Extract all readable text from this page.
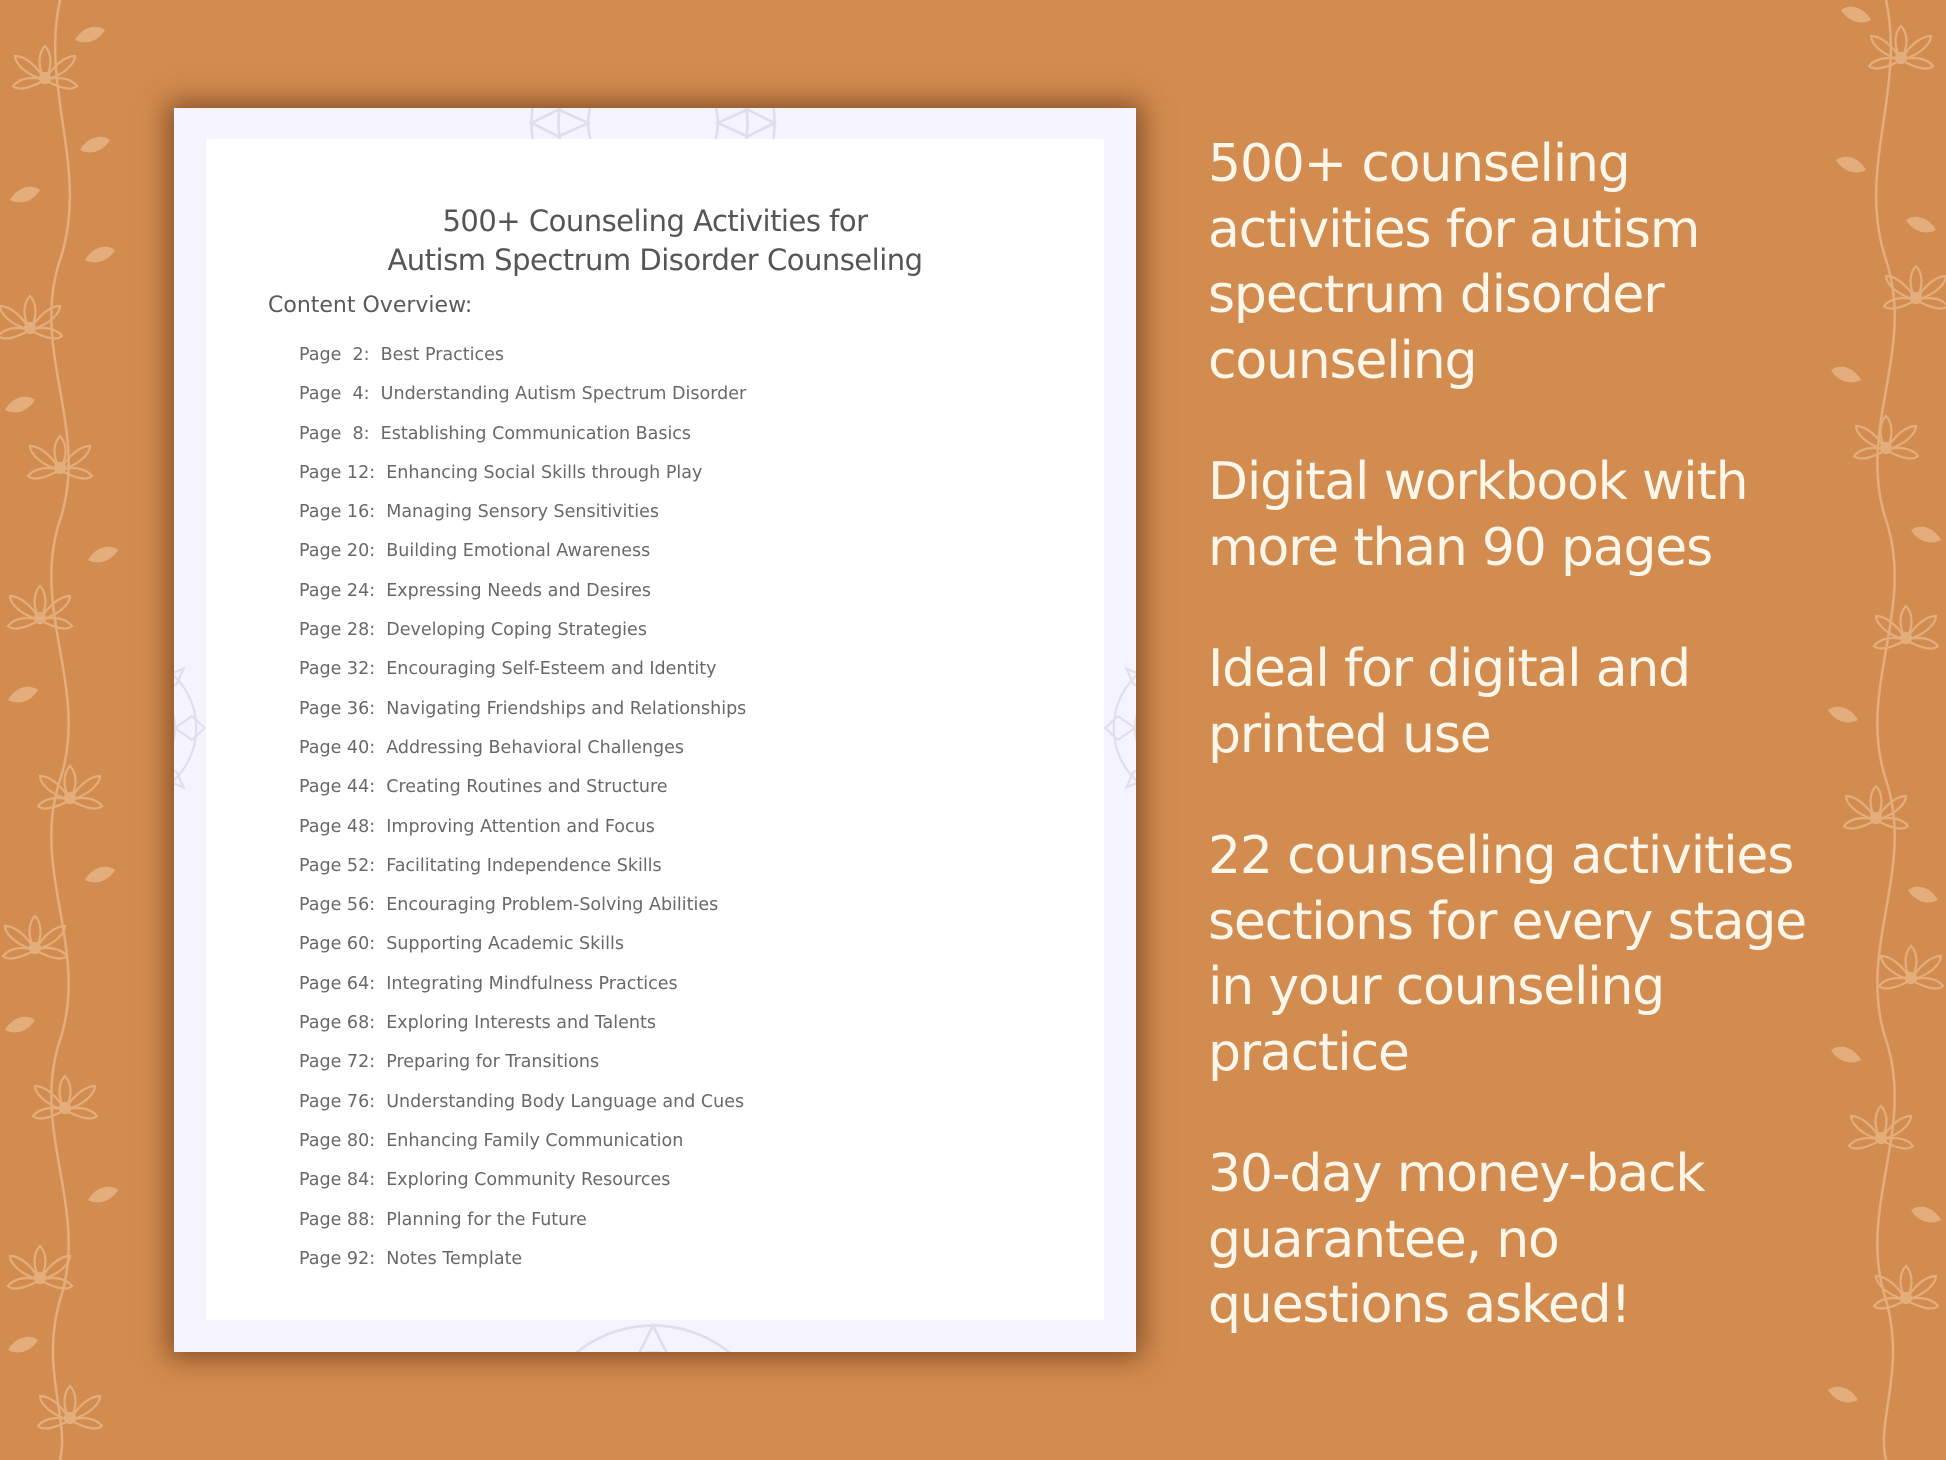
500+ Counseling Activities for
Autism Spectrum Disorder Counseling
Content Overview:
Page  2: Best Practices
Page  4: Understanding Autism Spectrum Disorder
Page  8: Establishing Communication Basics
Page 12: Enhancing Social Skills through Play
Page 16: Managing Sensory Sensitivities
Page 20: Building Emotional Awareness
Page 24: Expressing Needs and Desires
Page 28: Developing Coping Strategies
Page 32: Encouraging Self-Esteem and Identity
Page 36: Navigating Friendships and Relationships
Page 40: Addressing Behavioral Challenges
Page 44: Creating Routines and Structure
Page 48: Improving Attention and Focus
Page 52: Facilitating Independence Skills
Page 56: Encouraging Problem-Solving Abilities
Page 60: Supporting Academic Skills
Page 64: Integrating Mindfulness Practices
Page 68: Exploring Interests and Talents
Page 72: Preparing for Transitions
Page 76: Understanding Body Language and Cues
Page 80: Enhancing Family Communication
Page 84: Exploring Community Resources
Page 88: Planning for the Future
Page 92: Notes Template

500+ counseling
activities for autism
spectrum disorder
counseling

Digital workbook with
more than 90 pages

Ideal for digital and
printed use

22 counseling activities
sections for every stage
in your counseling
practice

30-day money-back
guarantee, no
questions asked!
